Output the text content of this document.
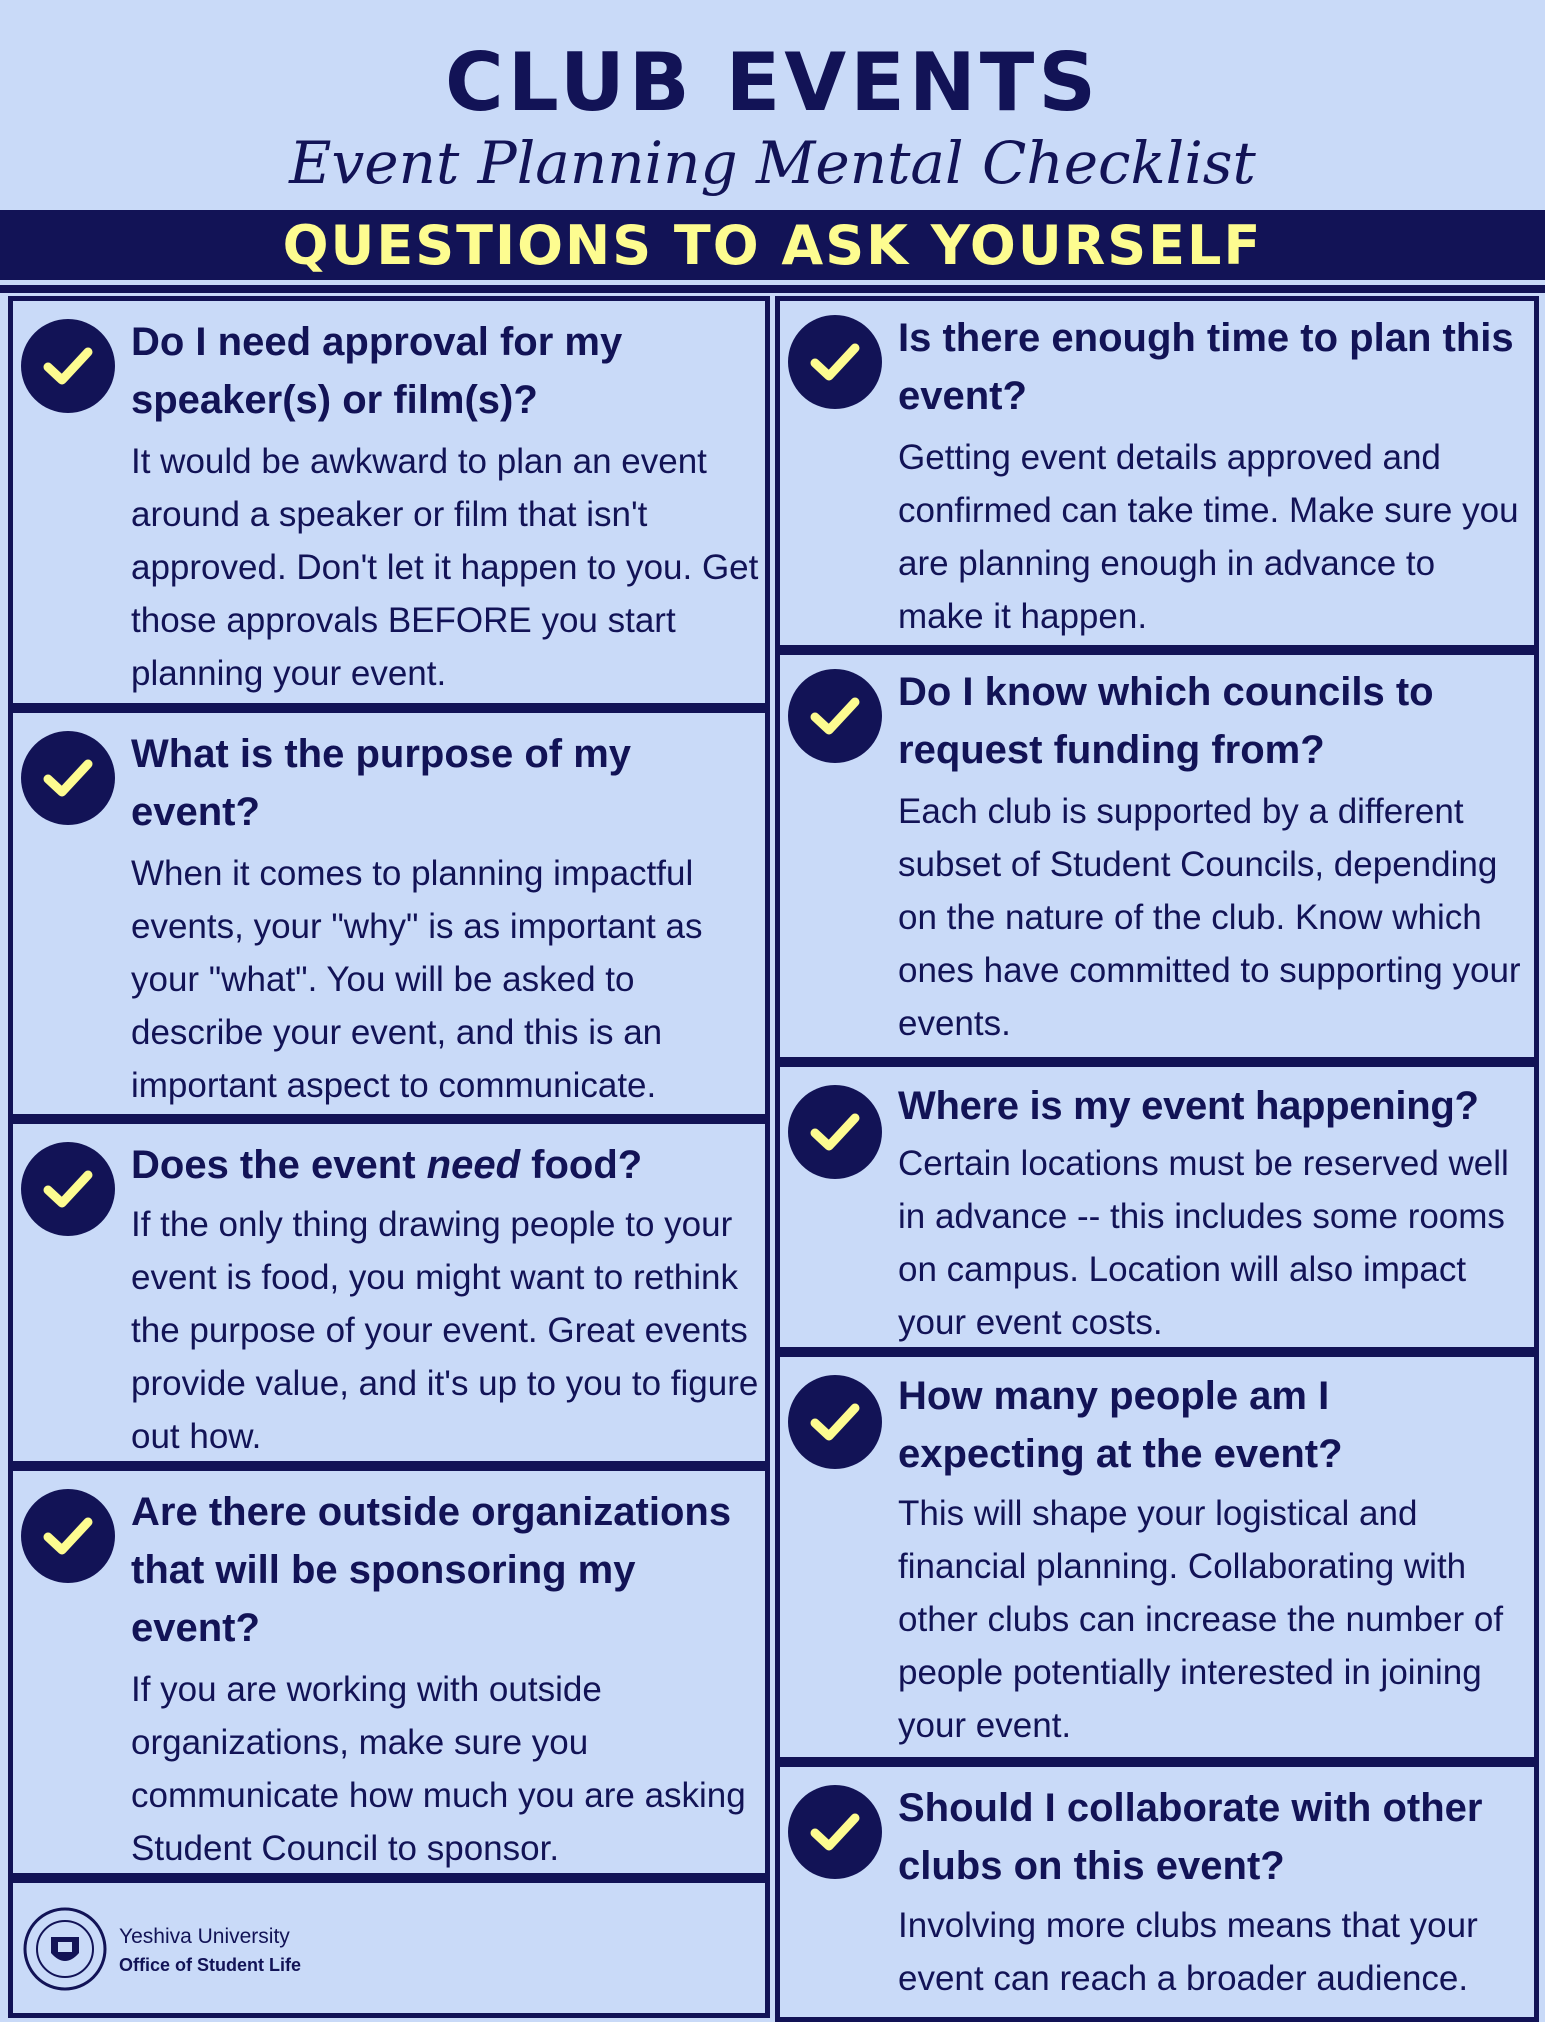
CLUB EVENTS
Event Planning Mental Checklist
QUESTIONS TO ASK YOURSELF
Do I need approval for my speaker(s) or film(s)?
It would be awkward to plan an event around a speaker or film that isn't approved. Don't let it happen to you. Get those approvals BEFORE you start planning your event.
What is the purpose of my event?
When it comes to planning impactful events, your "why" is as important as your "what". You will be asked to describe your event, and this is an important aspect to communicate.
Does the event need food?
If the only thing drawing people to your event is food, you might want to rethink the purpose of your event. Great events provide value, and it's up to you to figure out how.
Are there outside organizations that will be sponsoring my event?
If you are working with outside organizations, make sure you communicate how much you are asking Student Council to sponsor.
Yeshiva University
Office of Student Life
Is there enough time to plan this event?
Getting event details approved and confirmed can take time. Make sure you are planning enough in advance to make it happen.
Do I know which councils to request funding from?
Each club is supported by a different subset of Student Councils, depending on the nature of the club. Know which ones have committed to supporting your events.
Where is my event happening?
Certain locations must be reserved well in advance -- this includes some rooms on campus. Location will also impact your event costs.
How many people am I expecting at the event?
This will shape your logistical and financial planning. Collaborating with other clubs can increase the number of people potentially interested in joining your event.
Should I collaborate with other clubs on this event?
Involving more clubs means that your event can reach a broader audience.
